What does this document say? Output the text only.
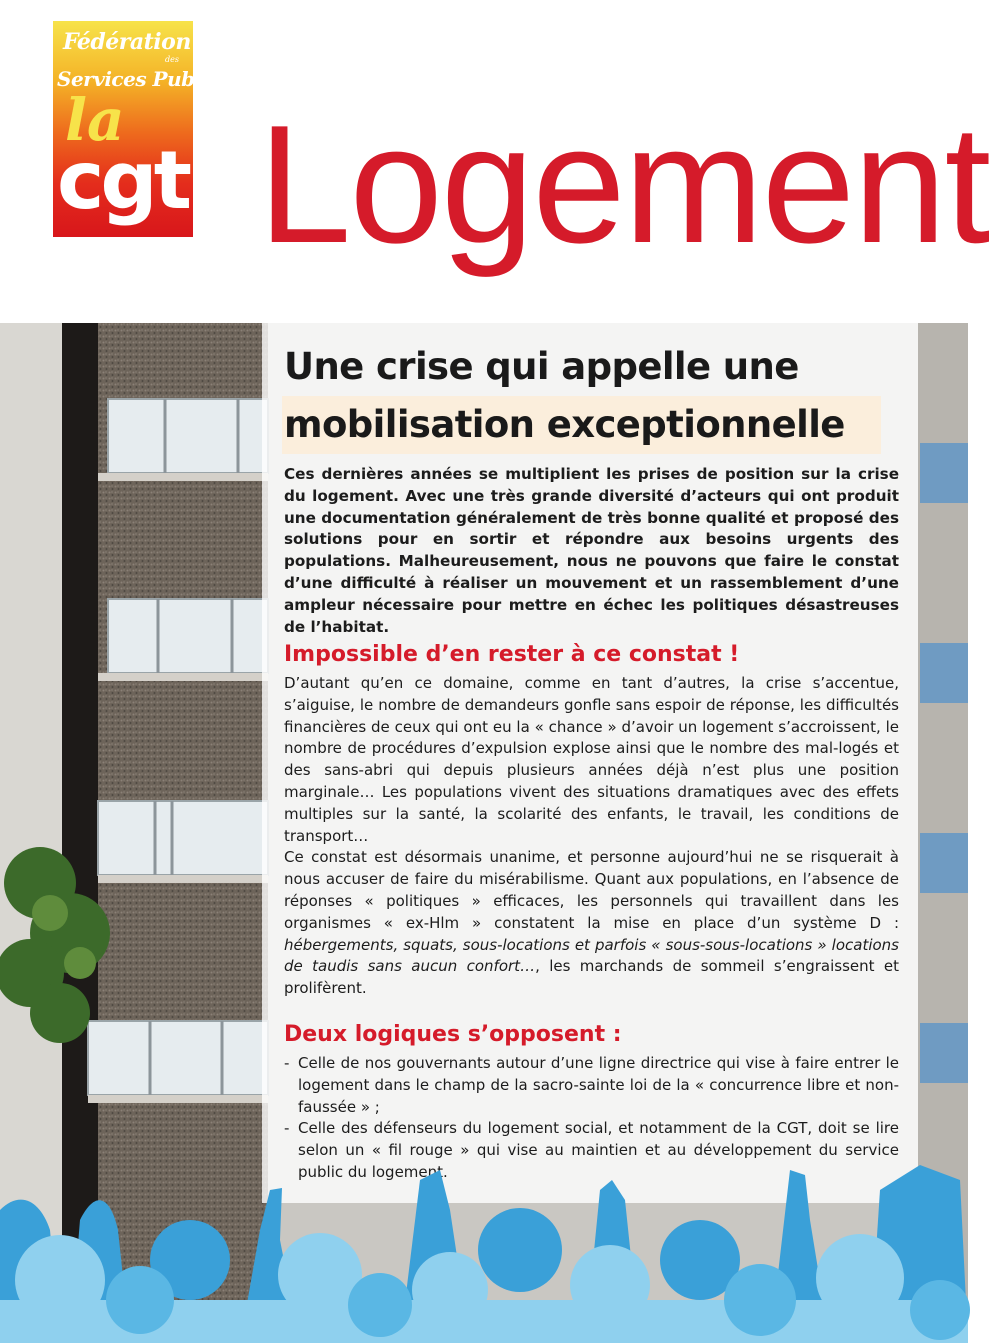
Fédération
des
Services Publics
la
cgt Logement
Une crise qui appelle une
mobilisation exceptionnelle
Ces dernières années se multiplient les prises de position sur la crise du logement. Avec une très grande diversité d’acteurs qui ont produit une documentation généralement de très bonne qualité et proposé des solutions pour en sortir et répondre aux besoins urgents des populations. Malheureusement, nous ne pouvons que faire le constat d’une difficulté à réaliser un mouvement et un rassemblement d’une ampleur nécessaire pour mettre en échec les politiques désastreuses de l’habitat.
Impossible d’en rester à ce constat !

D’autant qu’en ce domaine, comme en tant d’autres, la crise s’accentue, s’aiguise, le nombre de demandeurs gonfle sans espoir de réponse, les difficultés financières de ceux qui ont eu la « chance » d’avoir un logement s’accroissent, le nombre de procédures d’expulsion explose ainsi que le nombre des mal-logés et des sans-abri qui depuis plusieurs années déjà n’est plus une position marginale… Les populations vivent des situations dramatiques avec des effets multiples sur la santé, la scolarité des enfants, le travail, les conditions de transport…

Ce constat est désormais unanime, et personne aujourd’hui ne se risquerait à nous accuser de faire du misérabilisme. Quant aux populations, en l’absence de réponses « politiques » efficaces, les personnels qui travaillent dans les organismes « ex-Hlm » constatent la mise en place d’un système D : hébergements, squats, sous-locations et parfois « sous-sous-locations » locations de taudis sans aucun confort…, les marchands de sommeil s’engraissent et prolifèrent.

Deux logiques s’opposent :
- Celle de nos gouvernants autour d’une ligne directrice qui vise à faire entrer le logement dans le champ de la sacro-sainte loi de la « concurrence libre et non-faussée » ;
- Celle des défenseurs du logement social, et notamment de la CGT, doit se lire selon un « fil rouge » qui vise au maintien et au développement du service public du logement.
